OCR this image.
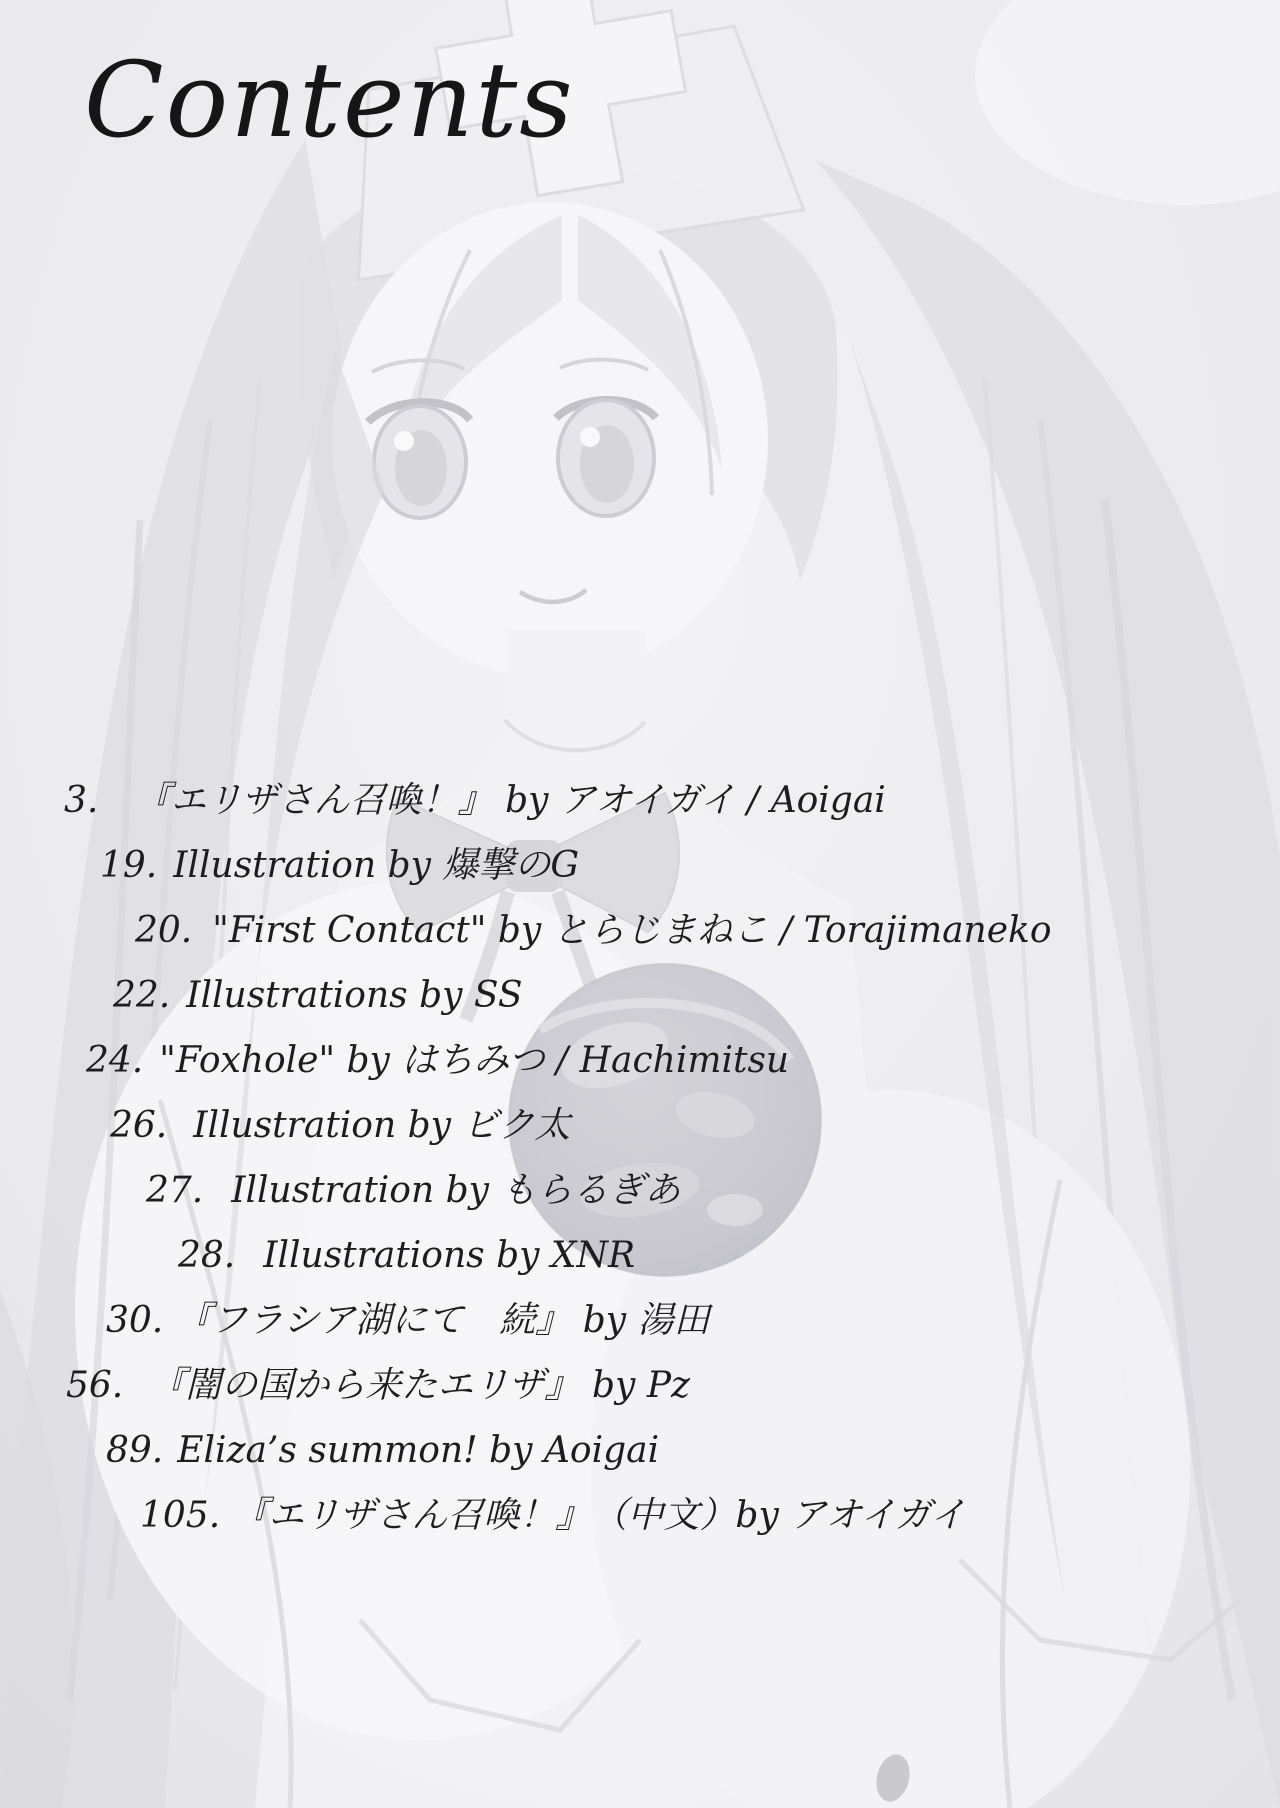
Contents
3. 『エリザさん召喚！』 by アオイガイ / Aoigai
19. Illustration by 爆撃のG
20. "First Contact" by とらじまねこ / Torajimaneko
22. Illustrations by SS
24. "Foxhole" by はちみつ / Hachimitsu
26. Illustration by ビク太
27. Illustration by もらるぎあ
28. Illustrations by XNR
30. 『フラシア湖にて　続』 by 湯田
56. 『闇の国から来たエリザ』 by Pz
89. Eliza’s summon! by Aoigai
105. 『エリザさん召喚！』　（中文）by アオイガイ
